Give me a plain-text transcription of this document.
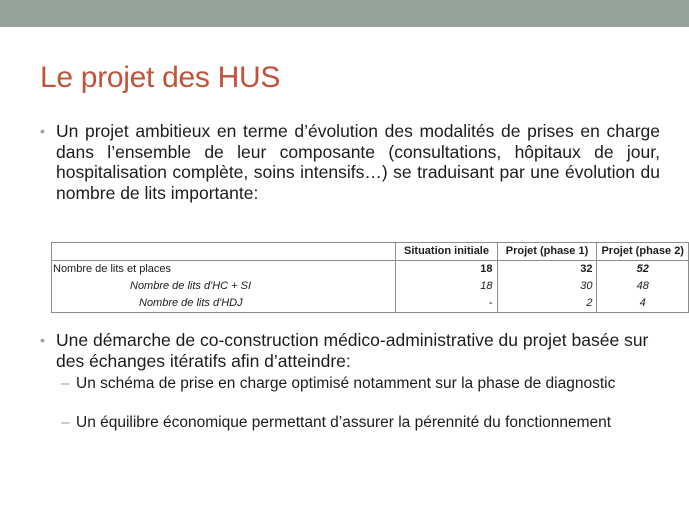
Le projet des HUS
• Un projet ambitieux en terme d’évolution des modalités de prises en charge dans l’ensemble de leur composante (consultations, hôpitaux de jour, hospitalisation complète, soins intensifs…) se traduisant par une évolution du nombre de lits importante:
	Situation initiale	Projet (phase 1)	Projet (phase 2)
Nombre de lits et places	18	32	52
Nombre de lits d'HC + SI	18	30	48
Nombre de lits d'HDJ	-	2	4
• Une démarche de co-construction médico-administrative du projet basée sur des échanges itératifs afin d’atteindre:
– Un schéma de prise en charge optimisé notamment sur la phase de diagnostic
– Un équilibre économique permettant d’assurer la pérennité du fonctionnement
